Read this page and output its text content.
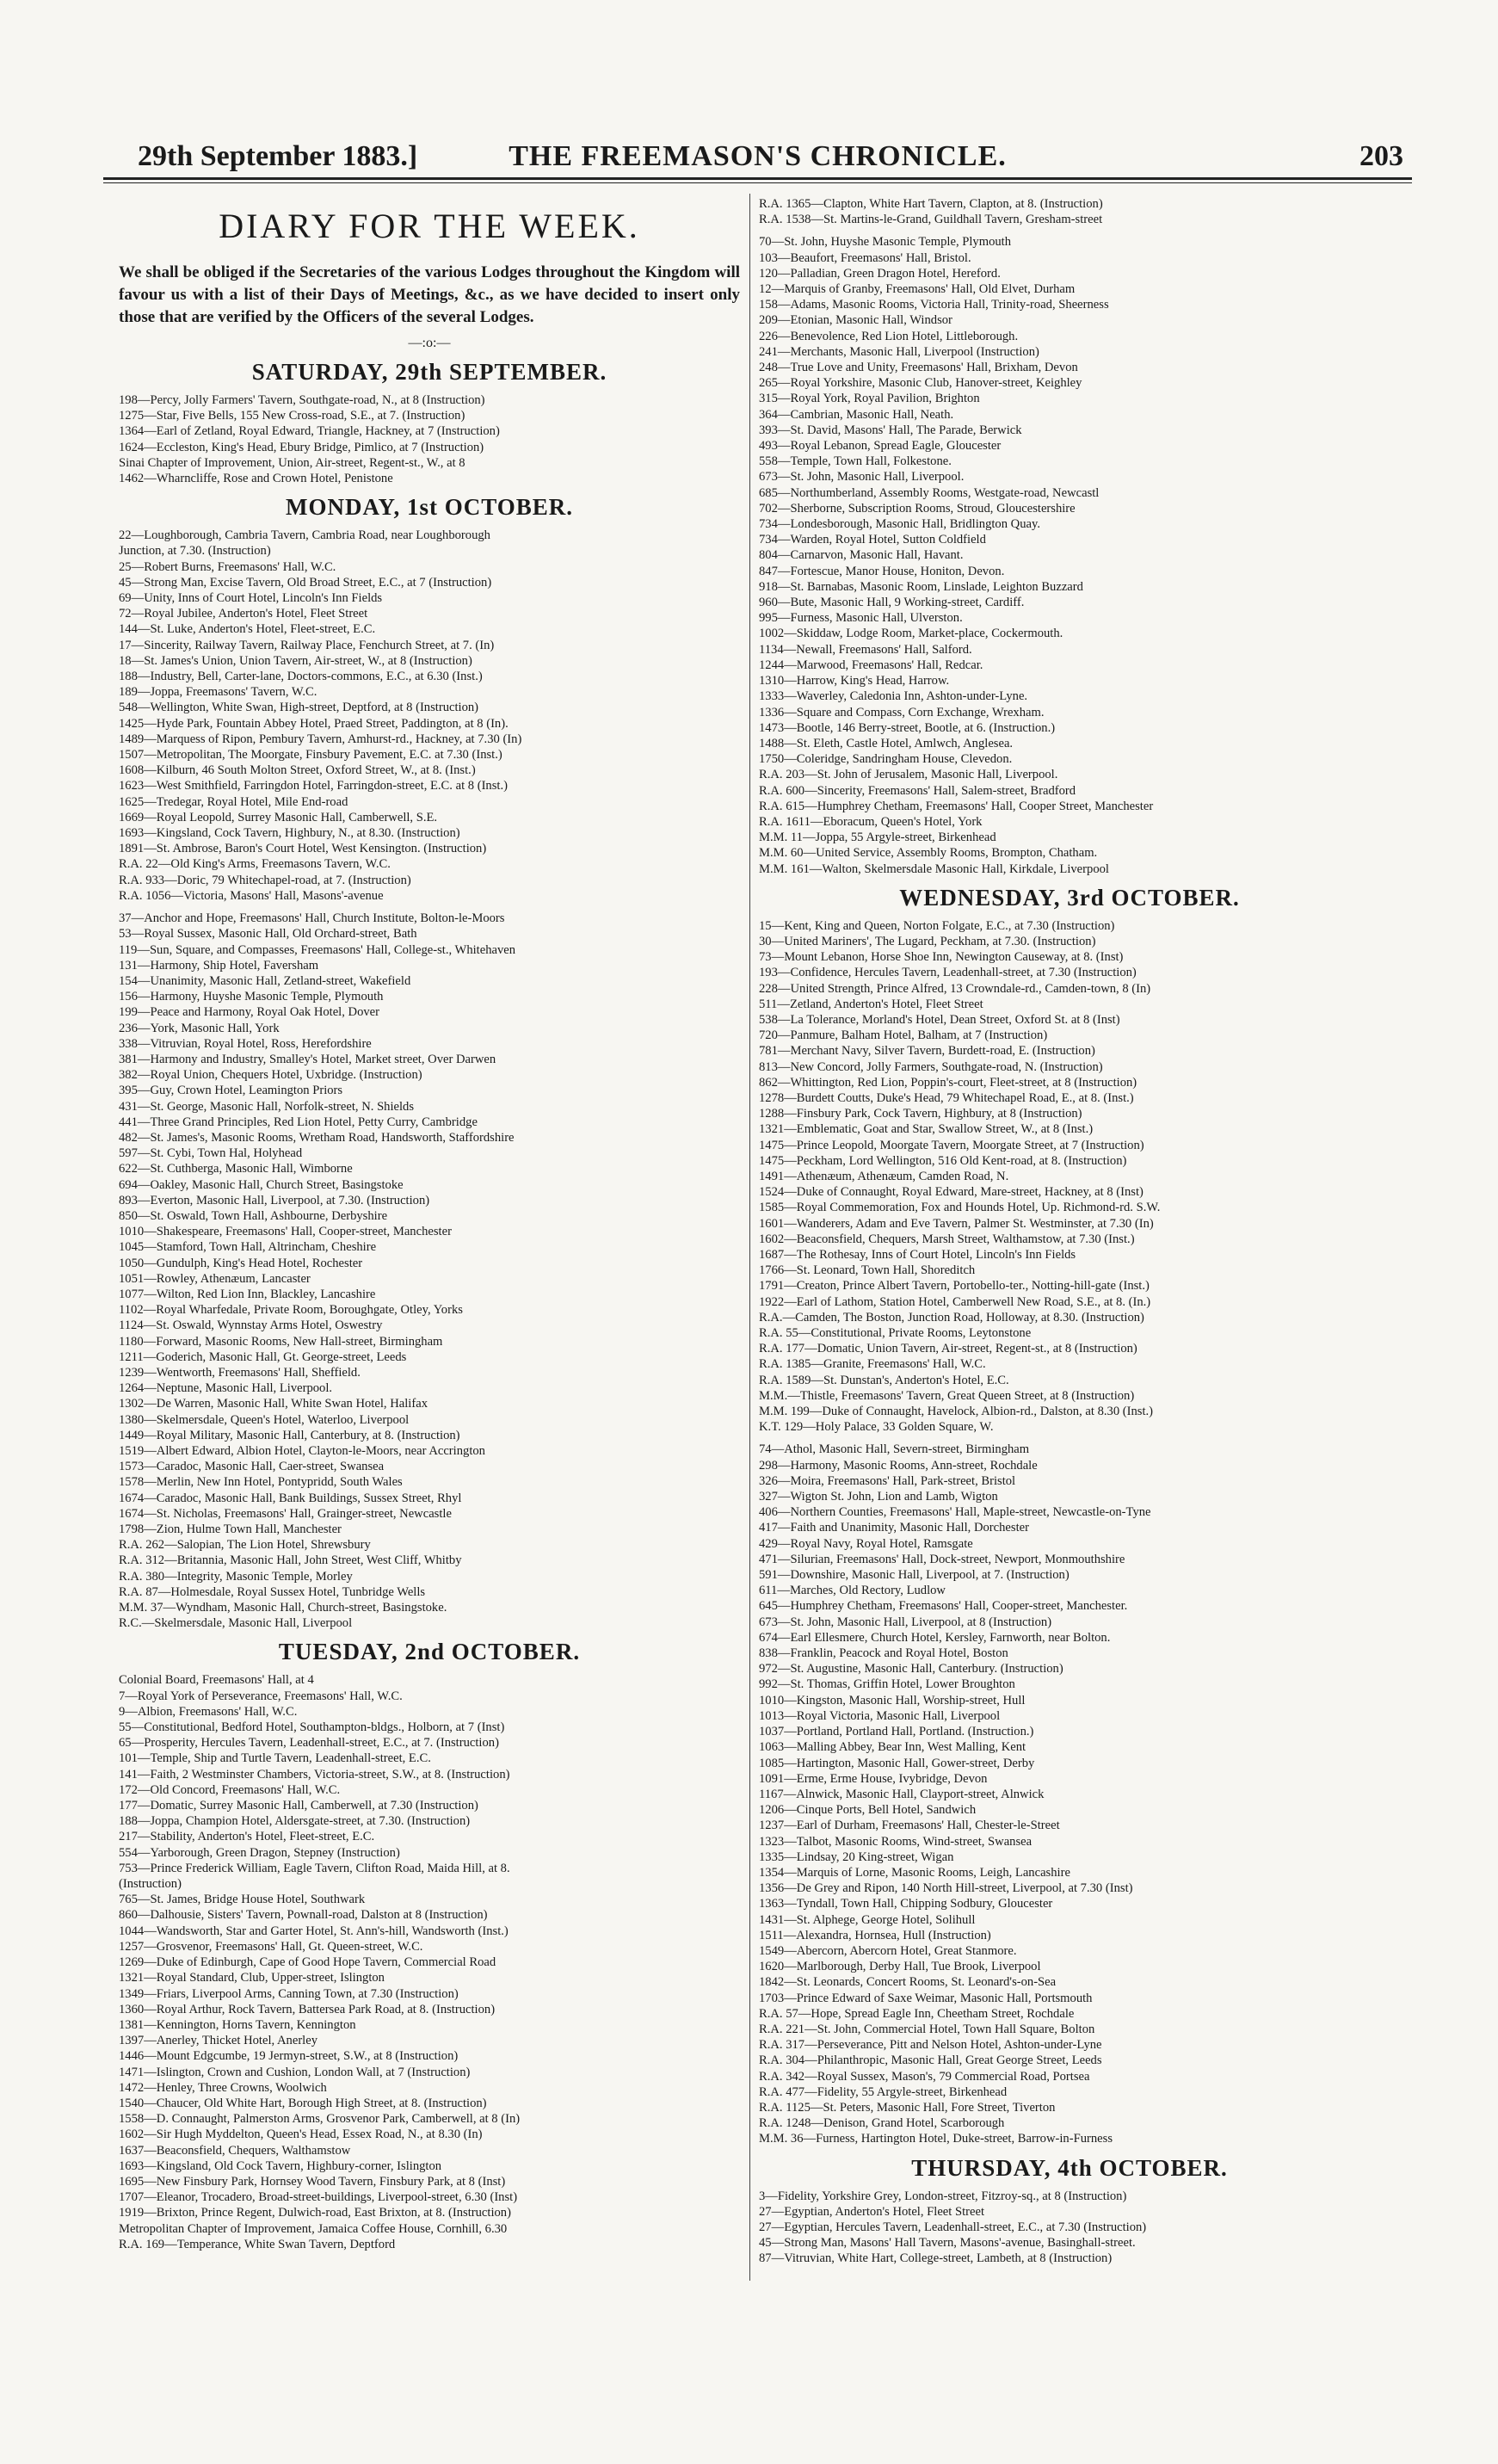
29th September 1883.]	THE FREEMASON'S CHRONICLE.	203
DIARY FOR THE WEEK.
We shall be obliged if the Secretaries of the various Lodges throughout the Kingdom will favour us with a list of their Days of Meetings, &c., as we have decided to insert only those that are verified by the Officers of the several Lodges.
—:o:—
SATURDAY, 29th SEPTEMBER.
198—Percy, Jolly Farmers' Tavern, Southgate-road, N., at 8 (Instruction)
1275—Star, Five Bells, 155 New Cross-road, S.E., at 7. (Instruction)
1364—Earl of Zetland, Royal Edward, Triangle, Hackney, at 7 (Instruction)
1624—Eccleston, King's Head, Ebury Bridge, Pimlico, at 7 (Instruction)
Sinai Chapter of Improvement, Union, Air-street, Regent-st., W., at 8
1462—Wharncliffe, Rose and Crown Hotel, Penistone
MONDAY, 1st OCTOBER.
22—Loughborough, Cambria Tavern, Cambria Road, near Loughborough
Junction, at 7.30. (Instruction)
25—Robert Burns, Freemasons' Hall, W.C.
45—Strong Man, Excise Tavern, Old Broad Street, E.C., at 7 (Instruction)
69—Unity, Inns of Court Hotel, Lincoln's Inn Fields
72—Royal Jubilee, Anderton's Hotel, Fleet Street
144—St. Luke, Anderton's Hotel, Fleet-street, E.C.
17—Sincerity, Railway Tavern, Railway Place, Fenchurch Street, at 7. (In)
18—St. James's Union, Union Tavern, Air-street, W., at 8 (Instruction)
188—Industry, Bell, Carter-lane, Doctors-commons, E.C., at 6.30 (Inst.)
189—Joppa, Freemasons' Tavern, W.C.
548—Wellington, White Swan, High-street, Deptford, at 8 (Instruction)
1425—Hyde Park, Fountain Abbey Hotel, Praed Street, Paddington, at 8 (In).
1489—Marquess of Ripon, Pembury Tavern, Amhurst-rd., Hackney, at 7.30 (In)
1507—Metropolitan, The Moorgate, Finsbury Pavement, E.C. at 7.30 (Inst.)
1608—Kilburn, 46 South Molton Street, Oxford Street, W., at 8. (Inst.)
1623—West Smithfield, Farringdon Hotel, Farringdon-street, E.C. at 8 (Inst.)
1625—Tredegar, Royal Hotel, Mile End-road
1669—Royal Leopold, Surrey Masonic Hall, Camberwell, S.E.
1693—Kingsland, Cock Tavern, Highbury, N., at 8.30. (Instruction)
1891—St. Ambrose, Baron's Court Hotel, West Kensington. (Instruction)
R.A. 22—Old King's Arms, Freemasons Tavern, W.C.
R.A. 933—Doric, 79 Whitechapel-road, at 7. (Instruction)
R.A. 1056—Victoria, Masons' Hall, Masons'-avenue
37—Anchor and Hope, Freemasons' Hall, Church Institute, Bolton-le-Moors
53—Royal Sussex, Masonic Hall, Old Orchard-street, Bath
119—Sun, Square, and Compasses, Freemasons' Hall, College-st., Whitehaven
131—Harmony, Ship Hotel, Faversham
154—Unanimity, Masonic Hall, Zetland-street, Wakefield
156—Harmony, Huyshe Masonic Temple, Plymouth
199—Peace and Harmony, Royal Oak Hotel, Dover
236—York, Masonic Hall, York
338—Vitruvian, Royal Hotel, Ross, Herefordshire
381—Harmony and Industry, Smalley's Hotel, Market street, Over Darwen
382—Royal Union, Chequers Hotel, Uxbridge. (Instruction)
395—Guy, Crown Hotel, Leamington Priors
431—St. George, Masonic Hall, Norfolk-street, N. Shields
441—Three Grand Principles, Red Lion Hotel, Petty Curry, Cambridge
482—St. James's, Masonic Rooms, Wretham Road, Handsworth, Staffordshire
597—St. Cybi, Town Hal, Holyhead
622—St. Cuthberga, Masonic Hall, Wimborne
694—Oakley, Masonic Hall, Church Street, Basingstoke
893—Everton, Masonic Hall, Liverpool, at 7.30. (Instruction)
850—St. Oswald, Town Hall, Ashbourne, Derbyshire
1010—Shakespeare, Freemasons' Hall, Cooper-street, Manchester
1045—Stamford, Town Hall, Altrincham, Cheshire
1050—Gundulph, King's Head Hotel, Rochester
1051—Rowley, Athenæum, Lancaster
1077—Wilton, Red Lion Inn, Blackley, Lancashire
1102—Royal Wharfedale, Private Room, Boroughgate, Otley, Yorks
1124—St. Oswald, Wynnstay Arms Hotel, Oswestry
1180—Forward, Masonic Rooms, New Hall-street, Birmingham
1211—Goderich, Masonic Hall, Gt. George-street, Leeds
1239—Wentworth, Freemasons' Hall, Sheffield.
1264—Neptune, Masonic Hall, Liverpool.
1302—De Warren, Masonic Hall, White Swan Hotel, Halifax
1380—Skelmersdale, Queen's Hotel, Waterloo, Liverpool
1449—Royal Military, Masonic Hall, Canterbury, at 8. (Instruction)
1519—Albert Edward, Albion Hotel, Clayton-le-Moors, near Accrington
1573—Caradoc, Masonic Hall, Caer-street, Swansea
1578—Merlin, New Inn Hotel, Pontypridd, South Wales
1674—Caradoc, Masonic Hall, Bank Buildings, Sussex Street, Rhyl
1674—St. Nicholas, Freemasons' Hall, Grainger-street, Newcastle
1798—Zion, Hulme Town Hall, Manchester
R.A. 262—Salopian, The Lion Hotel, Shrewsbury
R.A. 312—Britannia, Masonic Hall, John Street, West Cliff, Whitby
R.A. 380—Integrity, Masonic Temple, Morley
R.A. 87—Holmesdale, Royal Sussex Hotel, Tunbridge Wells
M.M. 37—Wyndham, Masonic Hall, Church-street, Basingstoke.
R.C.—Skelmersdale, Masonic Hall, Liverpool
TUESDAY, 2nd OCTOBER.
Colonial Board, Freemasons' Hall, at 4
7—Royal York of Perseverance, Freemasons' Hall, W.C.
9—Albion, Freemasons' Hall, W.C.
55—Constitutional, Bedford Hotel, Southampton-bldgs., Holborn, at 7 (Inst)
65—Prosperity, Hercules Tavern, Leadenhall-street, E.C., at 7. (Instruction)
101—Temple, Ship and Turtle Tavern, Leadenhall-street, E.C.
141—Faith, 2 Westminster Chambers, Victoria-street, S.W., at 8. (Instruction)
172—Old Concord, Freemasons' Hall, W.C.
177—Domatic, Surrey Masonic Hall, Camberwell, at 7.30 (Instruction)
188—Joppa, Champion Hotel, Aldersgate-street, at 7.30. (Instruction)
217—Stability, Anderton's Hotel, Fleet-street, E.C.
554—Yarborough, Green Dragon, Stepney (Instruction)
753—Prince Frederick William, Eagle Tavern, Clifton Road, Maida Hill, at 8.
(Instruction)
765—St. James, Bridge House Hotel, Southwark
860—Dalhousie, Sisters' Tavern, Pownall-road, Dalston at 8 (Instruction)
1044—Wandsworth, Star and Garter Hotel, St. Ann's-hill, Wandsworth (Inst.)
1257—Grosvenor, Freemasons' Hall, Gt. Queen-street, W.C.
1269—Duke of Edinburgh, Cape of Good Hope Tavern, Commercial Road
1321—Royal Standard, Club, Upper-street, Islington
1349—Friars, Liverpool Arms, Canning Town, at 7.30 (Instruction)
1360—Royal Arthur, Rock Tavern, Battersea Park Road, at 8. (Instruction)
1381—Kennington, Horns Tavern, Kennington
1397—Anerley, Thicket Hotel, Anerley
1446—Mount Edgcumbe, 19 Jermyn-street, S.W., at 8 (Instruction)
1471—Islington, Crown and Cushion, London Wall, at 7 (Instruction)
1472—Henley, Three Crowns, Woolwich
1540—Chaucer, Old White Hart, Borough High Street, at 8. (Instruction)
1558—D. Connaught, Palmerston Arms, Grosvenor Park, Camberwell, at 8 (In)
1602—Sir Hugh Myddelton, Queen's Head, Essex Road, N., at 8.30 (In)
1637—Beaconsfield, Chequers, Walthamstow
1693—Kingsland, Old Cock Tavern, Highbury-corner, Islington
1695—New Finsbury Park, Hornsey Wood Tavern, Finsbury Park, at 8 (Inst)
1707—Eleanor, Trocadero, Broad-street-buildings, Liverpool-street, 6.30 (Inst)
1919—Brixton, Prince Regent, Dulwich-road, East Brixton, at 8. (Instruction)
Metropolitan Chapter of Improvement, Jamaica Coffee House, Cornhill, 6.30
R.A. 169—Temperance, White Swan Tavern, Deptford
R.A. 1365—Clapton, White Hart Tavern, Clapton, at 8. (Instruction)
R.A. 1538—St. Martins-le-Grand, Guildhall Tavern, Gresham-street
70—St. John, Huyshe Masonic Temple, Plymouth
103—Beaufort, Freemasons' Hall, Bristol.
120—Palladian, Green Dragon Hotel, Hereford.
12—Marquis of Granby, Freemasons' Hall, Old Elvet, Durham
158—Adams, Masonic Rooms, Victoria Hall, Trinity-road, Sheerness
209—Etonian, Masonic Hall, Windsor
226—Benevolence, Red Lion Hotel, Littleborough.
241—Merchants, Masonic Hall, Liverpool (Instruction)
248—True Love and Unity, Freemasons' Hall, Brixham, Devon
265—Royal Yorkshire, Masonic Club, Hanover-street, Keighley
315—Royal York, Royal Pavilion, Brighton
364—Cambrian, Masonic Hall, Neath.
393—St. David, Masons' Hall, The Parade, Berwick
493—Royal Lebanon, Spread Eagle, Gloucester
558—Temple, Town Hall, Folkestone.
673—St. John, Masonic Hall, Liverpool.
685—Northumberland, Assembly Rooms, Westgate-road, Newcastl
702—Sherborne, Subscription Rooms, Stroud, Gloucestershire
734—Londesborough, Masonic Hall, Bridlington Quay.
734—Warden, Royal Hotel, Sutton Coldfield
804—Carnarvon, Masonic Hall, Havant.
847—Fortescue, Manor House, Honiton, Devon.
918—St. Barnabas, Masonic Room, Linslade, Leighton Buzzard
960—Bute, Masonic Hall, 9 Working-street, Cardiff.
995—Furness, Masonic Hall, Ulverston.
1002—Skiddaw, Lodge Room, Market-place, Cockermouth.
1134—Newall, Freemasons' Hall, Salford.
1244—Marwood, Freemasons' Hall, Redcar.
1310—Harrow, King's Head, Harrow.
1333—Waverley, Caledonia Inn, Ashton-under-Lyne.
1336—Square and Compass, Corn Exchange, Wrexham.
1473—Bootle, 146 Berry-street, Bootle, at 6. (Instruction.)
1488—St. Eleth, Castle Hotel, Amlwch, Anglesea.
1750—Coleridge, Sandringham House, Clevedon.
R.A. 203—St. John of Jerusalem, Masonic Hall, Liverpool.
R.A. 600—Sincerity, Freemasons' Hall, Salem-street, Bradford
R.A. 615—Humphrey Chetham, Freemasons' Hall, Cooper Street, Manchester
R.A. 1611—Eboracum, Queen's Hotel, York
M.M. 11—Joppa, 55 Argyle-street, Birkenhead
M.M. 60—United Service, Assembly Rooms, Brompton, Chatham.
M.M. 161—Walton, Skelmersdale Masonic Hall, Kirkdale, Liverpool
WEDNESDAY, 3rd OCTOBER.
15—Kent, King and Queen, Norton Folgate, E.C., at 7.30 (Instruction)
30—United Mariners', The Lugard, Peckham, at 7.30. (Instruction)
73—Mount Lebanon, Horse Shoe Inn, Newington Causeway, at 8. (Inst)
193—Confidence, Hercules Tavern, Leadenhall-street, at 7.30 (Instruction)
228—United Strength, Prince Alfred, 13 Crowndale-rd., Camden-town, 8 (In)
511—Zetland, Anderton's Hotel, Fleet Street
538—La Tolerance, Morland's Hotel, Dean Street, Oxford St. at 8 (Inst)
720—Panmure, Balham Hotel, Balham, at 7 (Instruction)
781—Merchant Navy, Silver Tavern, Burdett-road, E. (Instruction)
813—New Concord, Jolly Farmers, Southgate-road, N. (Instruction)
862—Whittington, Red Lion, Poppin's-court, Fleet-street, at 8 (Instruction)
1278—Burdett Coutts, Duke's Head, 79 Whitechapel Road, E., at 8. (Inst.)
1288—Finsbury Park, Cock Tavern, Highbury, at 8 (Instruction)
1321—Emblematic, Goat and Star, Swallow Street, W., at 8 (Inst.)
1475—Prince Leopold, Moorgate Tavern, Moorgate Street, at 7 (Instruction)
1475—Peckham, Lord Wellington, 516 Old Kent-road, at 8. (Instruction)
1491—Athenæum, Athenæum, Camden Road, N.
1524—Duke of Connaught, Royal Edward, Mare-street, Hackney, at 8 (Inst)
1585—Royal Commemoration, Fox and Hounds Hotel, Up. Richmond-rd. S.W.
1601—Wanderers, Adam and Eve Tavern, Palmer St. Westminster, at 7.30 (In)
1602—Beaconsfield, Chequers, Marsh Street, Walthamstow, at 7.30 (Inst.)
1687—The Rothesay, Inns of Court Hotel, Lincoln's Inn Fields
1766—St. Leonard, Town Hall, Shoreditch
1791—Creaton, Prince Albert Tavern, Portobello-ter., Notting-hill-gate (Inst.)
1922—Earl of Lathom, Station Hotel, Camberwell New Road, S.E., at 8. (In.)
R.A.—Camden, The Boston, Junction Road, Holloway, at 8.30. (Instruction)
R.A. 55—Constitutional, Private Rooms, Leytonstone
R.A. 177—Domatic, Union Tavern, Air-street, Regent-st., at 8 (Instruction)
R.A. 1385—Granite, Freemasons' Hall, W.C.
R.A. 1589—St. Dunstan's, Anderton's Hotel, E.C.
M.M.—Thistle, Freemasons' Tavern, Great Queen Street, at 8 (Instruction)
M.M. 199—Duke of Connaught, Havelock, Albion-rd., Dalston, at 8.30 (Inst.)
K.T. 129—Holy Palace, 33 Golden Square, W.
74—Athol, Masonic Hall, Severn-street, Birmingham
298—Harmony, Masonic Rooms, Ann-street, Rochdale
326—Moira, Freemasons' Hall, Park-street, Bristol
327—Wigton St. John, Lion and Lamb, Wigton
406—Northern Counties, Freemasons' Hall, Maple-street, Newcastle-on-Tyne
417—Faith and Unanimity, Masonic Hall, Dorchester
429—Royal Navy, Royal Hotel, Ramsgate
471—Silurian, Freemasons' Hall, Dock-street, Newport, Monmouthshire
591—Downshire, Masonic Hall, Liverpool, at 7. (Instruction)
611—Marches, Old Rectory, Ludlow
645—Humphrey Chetham, Freemasons' Hall, Cooper-street, Manchester.
673—St. John, Masonic Hall, Liverpool, at 8 (Instruction)
674—Earl Ellesmere, Church Hotel, Kersley, Farnworth, near Bolton.
838—Franklin, Peacock and Royal Hotel, Boston
972—St. Augustine, Masonic Hall, Canterbury. (Instruction)
992—St. Thomas, Griffin Hotel, Lower Broughton
1010—Kingston, Masonic Hall, Worship-street, Hull
1013—Royal Victoria, Masonic Hall, Liverpool
1037—Portland, Portland Hall, Portland. (Instruction.)
1063—Malling Abbey, Bear Inn, West Malling, Kent
1085—Hartington, Masonic Hall, Gower-street, Derby
1091—Erme, Erme House, Ivybridge, Devon
1167—Alnwick, Masonic Hall, Clayport-street, Alnwick
1206—Cinque Ports, Bell Hotel, Sandwich
1237—Earl of Durham, Freemasons' Hall, Chester-le-Street
1323—Talbot, Masonic Rooms, Wind-street, Swansea
1335—Lindsay, 20 King-street, Wigan
1354—Marquis of Lorne, Masonic Rooms, Leigh, Lancashire
1356—De Grey and Ripon, 140 North Hill-street, Liverpool, at 7.30 (Inst)
1363—Tyndall, Town Hall, Chipping Sodbury, Gloucester
1431—St. Alphege, George Hotel, Solihull
1511—Alexandra, Hornsea, Hull (Instruction)
1549—Abercorn, Abercorn Hotel, Great Stanmore.
1620—Marlborough, Derby Hall, Tue Brook, Liverpool
1842—St. Leonards, Concert Rooms, St. Leonard's-on-Sea
1703—Prince Edward of Saxe Weimar, Masonic Hall, Portsmouth
R.A. 57—Hope, Spread Eagle Inn, Cheetham Street, Rochdale
R.A. 221—St. John, Commercial Hotel, Town Hall Square, Bolton
R.A. 317—Perseverance, Pitt and Nelson Hotel, Ashton-under-Lyne
R.A. 304—Philanthropic, Masonic Hall, Great George Street, Leeds
R.A. 342—Royal Sussex, Mason's, 79 Commercial Road, Portsea
R.A. 477—Fidelity, 55 Argyle-street, Birkenhead
R.A. 1125—St. Peters, Masonic Hall, Fore Street, Tiverton
R.A. 1248—Denison, Grand Hotel, Scarborough
M.M. 36—Furness, Hartington Hotel, Duke-street, Barrow-in-Furness
THURSDAY, 4th OCTOBER.
3—Fidelity, Yorkshire Grey, London-street, Fitzroy-sq., at 8 (Instruction)
27—Egyptian, Anderton's Hotel, Fleet Street
27—Egyptian, Hercules Tavern, Leadenhall-street, E.C., at 7.30 (Instruction)
45—Strong Man, Masons' Hall Tavern, Masons'-avenue, Basinghall-street.
87—Vitruvian, White Hart, College-street, Lambeth, at 8 (Instruction)
